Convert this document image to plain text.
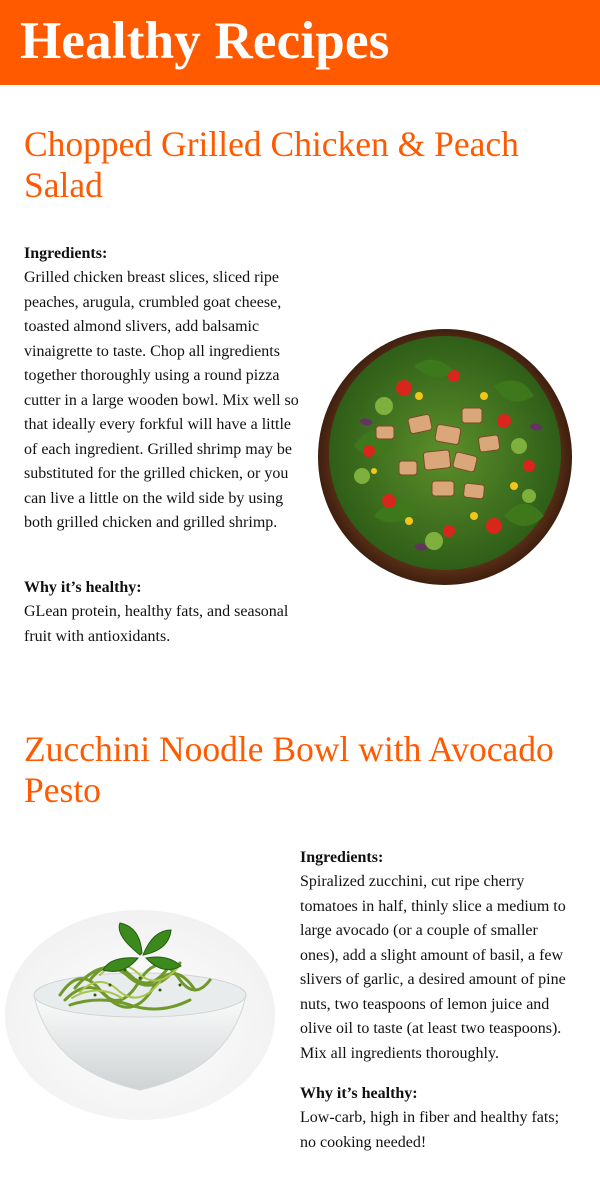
Healthy Recipes
Chopped Grilled Chicken & Peach Salad

Ingredients:

Grilled chicken breast slices, sliced ripe peaches, arugula, crumbled goat cheese, toasted almond slivers, add balsamic vinaigrette to taste. Chop all ingredients together thoroughly using a round pizza cutter in a large wooden bowl. Mix well so that ideally every forkful will have a little of each ingredient. Grilled shrimp may be substituted for the grilled chicken, or you can live a little on the wild side by using both grilled chicken and grilled shrimp.

Why it’s healthy:

GLean protein, healthy fats, and seasonal fruit with antioxidants.

Zucchini Noodle Bowl with Avocado Pesto

Ingredients:

Spiralized zucchini, cut ripe cherry tomatoes in half, thinly slice a medium to large avocado (or a couple of smaller ones), add a slight amount of basil, a few slivers of garlic, a desired amount of pine nuts, two teaspoons of lemon juice and olive oil to taste (at least two teaspoons). Mix all ingredients thoroughly.

Why it’s healthy:

Low-carb, high in fiber and healthy fats; no cooking needed!
